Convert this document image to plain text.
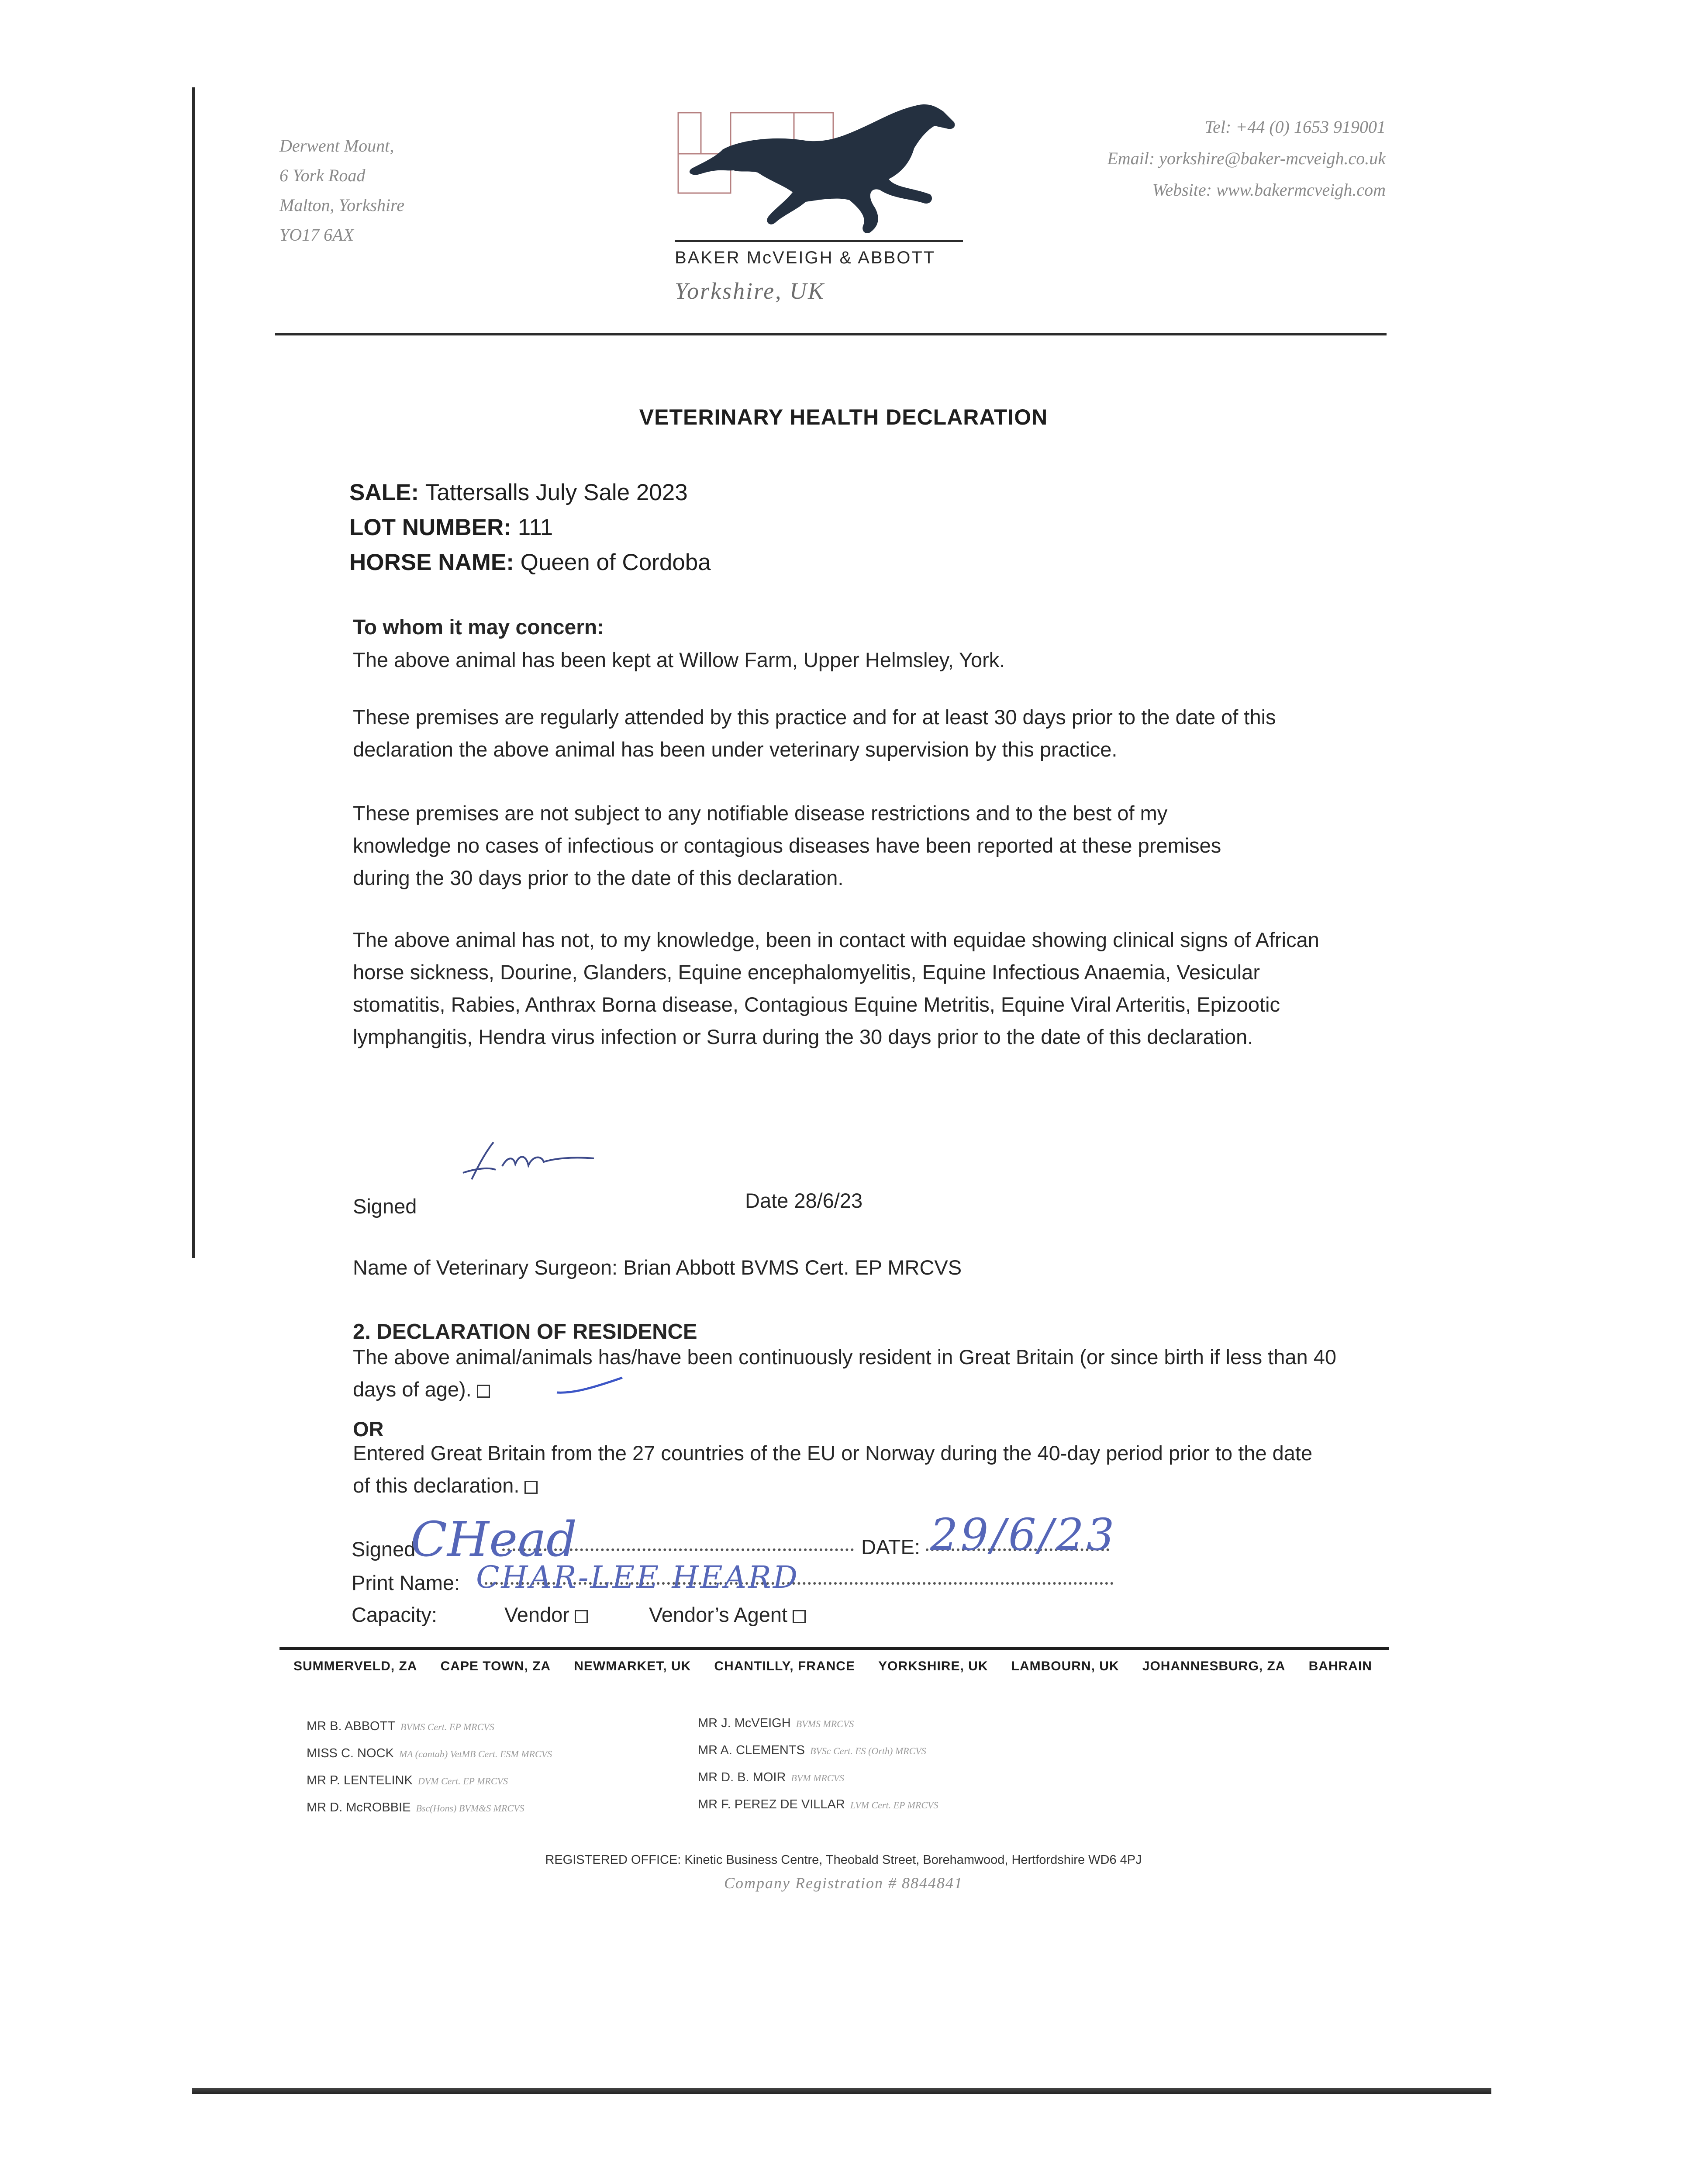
Derwent Mount,
6 York Road
Malton, Yorkshire
YO17 6AX
BAKER McVEIGH & ABBOTT
Yorkshire, UK
Tel: +44 (0) 1653 919001
Email: yorkshire@baker-mcveigh.co.uk
Website: www.bakermcveigh.com
VETERINARY HEALTH DECLARATION
SALE: Tattersalls July Sale 2023
LOT NUMBER: 111
HORSE NAME: Queen of Cordoba
To whom it may concern:
The above animal has been kept at Willow Farm, Upper Helmsley, York.
These premises are regularly attended by this practice and for at least 30 days prior to the date of this declaration the above animal has been under veterinary supervision by this practice.
These premises are not subject to any notifiable disease restrictions and to the best of my knowledge no cases of infectious or contagious diseases have been reported at these premises during the 30 days prior to the date of this declaration.
The above animal has not, to my knowledge, been in contact with equidae showing clinical signs of African horse sickness, Dourine, Glanders, Equine encephalomyelitis, Equine Infectious Anaemia, Vesicular stomatitis, Rabies, Anthrax Borna disease, Contagious Equine Metritis, Equine Viral Arteritis, Epizootic lymphangitis, Hendra virus infection or Surra during the 30 days prior to the date of this declaration.
Signed	Date 28/6/23
Name of Veterinary Surgeon: Brian Abbott BVMS Cert. EP MRCVS
2. DECLARATION OF RESIDENCE
The above animal/animals has/have been continuously resident in Great Britain (or since birth if less than 40 days of age).
OR
Entered Great Britain from the 27 countries of the EU or Norway during the 40-day period prior to the date of this declaration.
Signed
CHead	DATE: 29/6/23
Print Name: CHAR-LEE HEARD
Capacity:	Vendor	Vendor’s Agent
SUMMERVELD, ZA CAPE TOWN, ZA NEWMARKET, UK CHANTILLY, FRANCE YORKSHIRE, UK LAMBOURN, UK JOHANNESBURG, ZA BAHRAIN
MR B. ABBOTT BVMS Cert. EP MRCVS
MISS C. NOCK MA (cantab) VetMB Cert. ESM MRCVS
MR P. LENTELINK DVM Cert. EP MRCVS
MR D. McROBBIE Bsc(Hons) BVM&S MRCVS
MR J. McVEIGH BVMS MRCVS
MR A. CLEMENTS BVSc Cert. ES (Orth) MRCVS
MR D. B. MOIR BVM MRCVS
MR F. PEREZ DE VILLAR LVM Cert. EP MRCVS
REGISTERED OFFICE: Kinetic Business Centre, Theobald Street, Borehamwood, Hertfordshire WD6 4PJ
Company Registration # 8844841
